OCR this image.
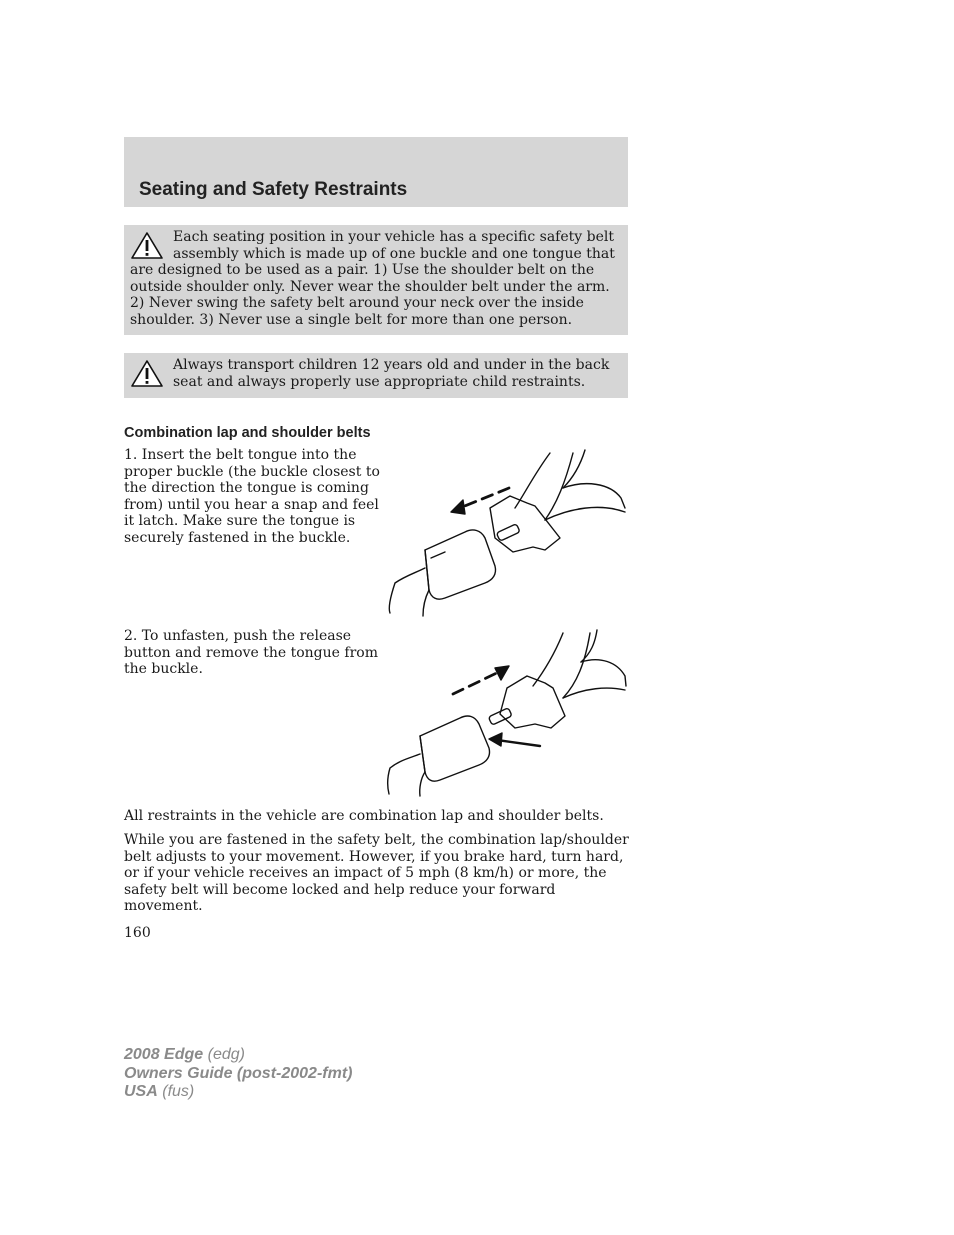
Seating and Safety Restraints

Each seating position in your vehicle has a specific safety belt assembly which is made up of one buckle and one tongue that are designed to be used as a pair. 1) Use the shoulder belt on the outside shoulder only. Never wear the shoulder belt under the arm. 2) Never swing the safety belt around your neck over the inside shoulder. 3) Never use a single belt for more than one person.

Always transport children 12 years old and under in the back seat and always properly use appropriate child restraints.

Combination lap and shoulder belts

1. Insert the belt tongue into the proper buckle (the buckle closest to the direction the tongue is coming from) until you hear a snap and feel it latch. Make sure the tongue is securely fastened in the buckle.

2. To unfasten, push the release button and remove the tongue from the buckle.

All restraints in the vehicle are combination lap and shoulder belts.

While you are fastened in the safety belt, the combination lap/shoulder belt adjusts to your movement. However, if you brake hard, turn hard, or if your vehicle receives an impact of 5 mph (8 km/h) or more, the safety belt will become locked and help reduce your forward movement.

160

2008 Edge (edg)
Owners Guide (post-2002-fmt)
USA (fus)
